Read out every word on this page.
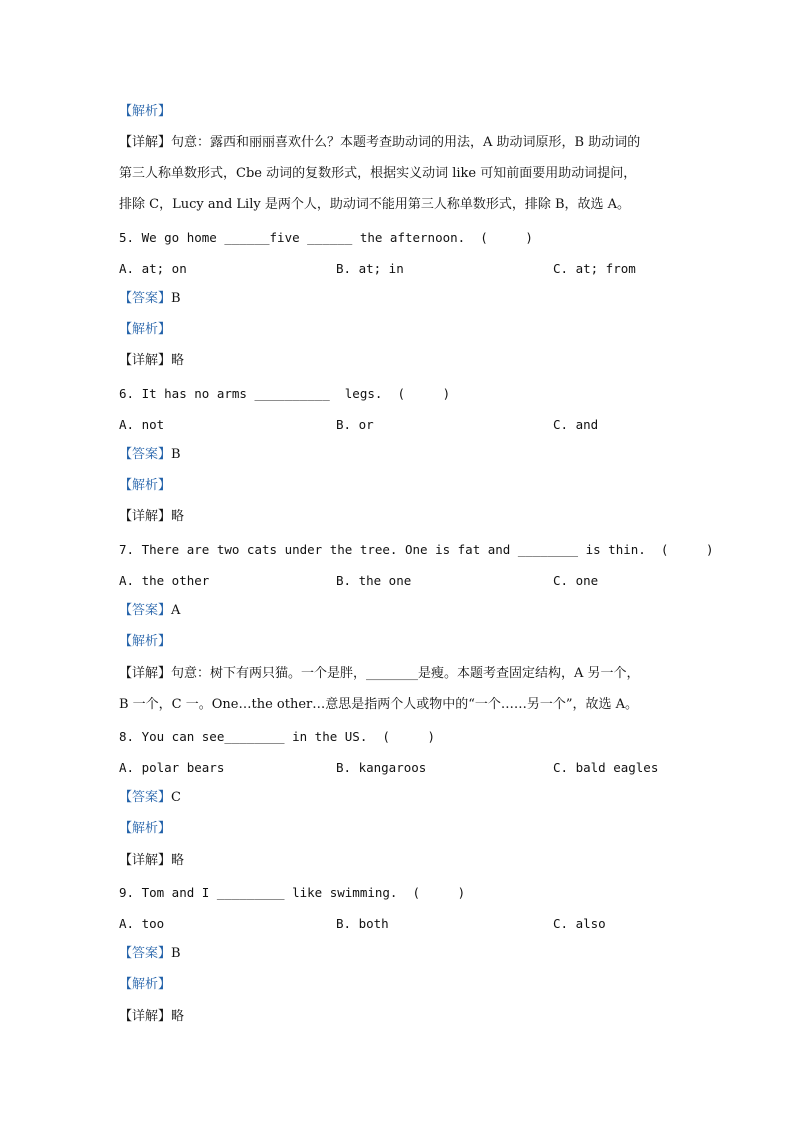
【解析】
【详解】句意：露西和丽丽喜欢什么？本题考查助动词的用法，A 助动词原形，B 助动词的
第三人称单数形式，Cbe 动词的复数形式，根据实义动词 like 可知前面要用助动词提问，
排除 C，Lucy and Lily 是两个人，助动词不能用第三人称单数形式，排除 B，故选 A。
5. We go home ______five ______ the afternoon.  (     )
A. at; on	B. at; in	C. at; from
【答案】B
【解析】
【详解】略
6. It has no arms __________  legs.  (     )
A. not	B. or	C. and
【答案】B
【解析】
【详解】略
7. There are two cats under the tree. One is fat and ________ is thin.  (     )
A. the other	B. the one	C. one
【答案】A
【解析】
【详解】句意：树下有两只猫。一个是胖，________是瘦。本题考查固定结构，A 另一个，
B 一个，C 一。One…the other…意思是指两个人或物中的“一个……另一个”，故选 A。
8. You can see________ in the US.  (     )
A. polar bears	B. kangaroos	C. bald eagles
【答案】C
【解析】
【详解】略
9. Tom and I _________ like swimming.  (     )
A. too	B. both	C. also
【答案】B
【解析】
【详解】略
